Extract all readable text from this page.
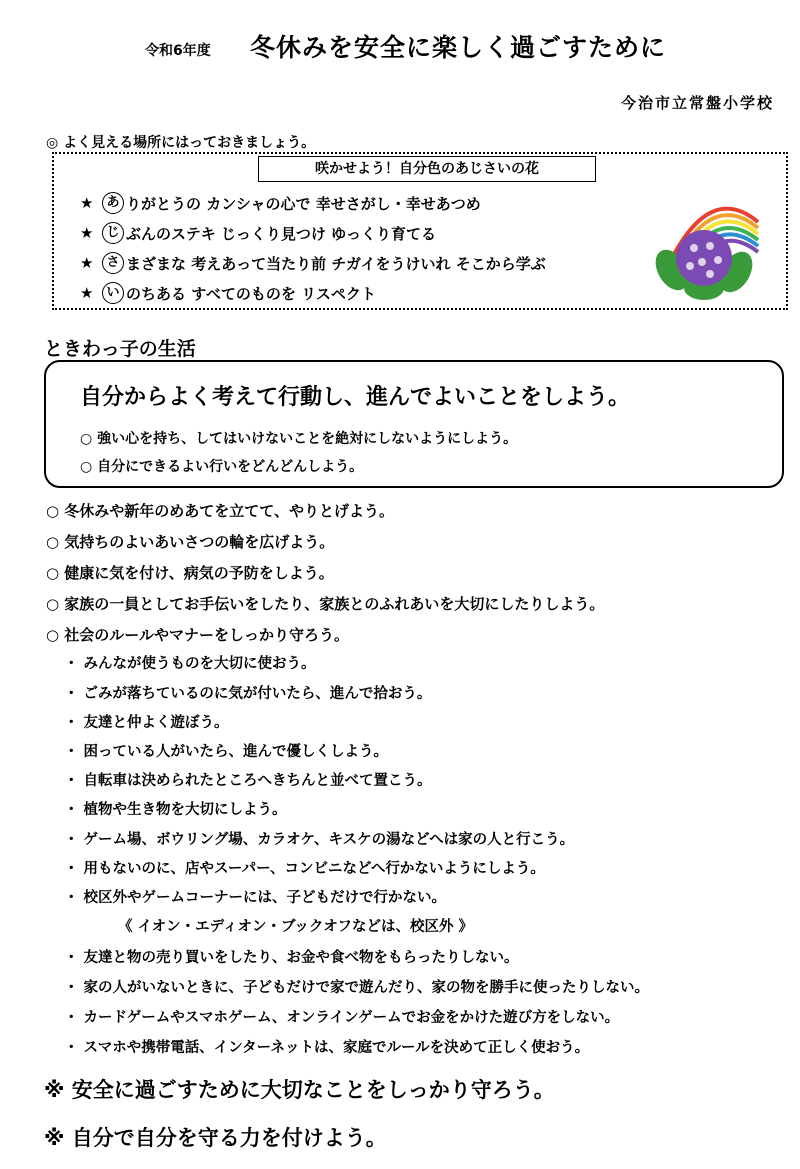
令和6年度 冬休みを安全に楽しく過ごすために
今治市立常盤小学校
◎ よく見える場所にはっておきましょう。
咲かせよう！自分色のあじさいの花
★	あ りがとうの カンシャの心で 幸せさがし・幸せあつめ
★	じ ぶんのステキ じっくり見つけ ゆっくり育てる
★	さ まざまな 考えあって当たり前 チガイをうけいれ そこから学ぶ
★	い のちある すべてのものを リスペクト
ときわっ子の生活
自分からよく考えて行動し、進んでよいことをしよう。
○ 強い心を持ち、してはいけないことを絶対にしないようにしよう。
○ 自分にできるよい行いをどんどんしよう。
○ 冬休みや新年のめあてを立てて、やりとげよう。
○ 気持ちのよいあいさつの輪を広げよう。
○ 健康に気を付け、病気の予防をしよう。
○ 家族の一員としてお手伝いをしたり、家族とのふれあいを大切にしたりしよう。
○ 社会のルールやマナーをしっかり守ろう。
・ みんなが使うものを大切に使おう。
・ ごみが落ちているのに気が付いたら、進んで拾おう。
・ 友達と仲よく遊ぼう。
・ 困っている人がいたら、進んで優しくしよう。
・ 自転車は決められたところへきちんと並べて置こう。
・ 植物や生き物を大切にしよう。
・ ゲーム場、ボウリング場、カラオケ、キスケの湯などへは家の人と行こう。
・ 用もないのに、店やスーパー、コンビニなどへ行かないようにしよう。
・ 校区外やゲームコーナーには、子どもだけで行かない。
《 イオン・エディオン・ブックオフなどは、校区外 》
・ 友達と物の売り買いをしたり、お金や食べ物をもらったりしない。
・ 家の人がいないときに、子どもだけで家で遊んだり、家の物を勝手に使ったりしない。
・ カードゲームやスマホゲーム、オンラインゲームでお金をかけた遊び方をしない。
・ スマホや携帯電話、インターネットは、家庭でルールを決めて正しく使おう。
※ 安全に過ごすために大切なことをしっかり守ろう。
※ 自分で自分を守る力を付けよう。
